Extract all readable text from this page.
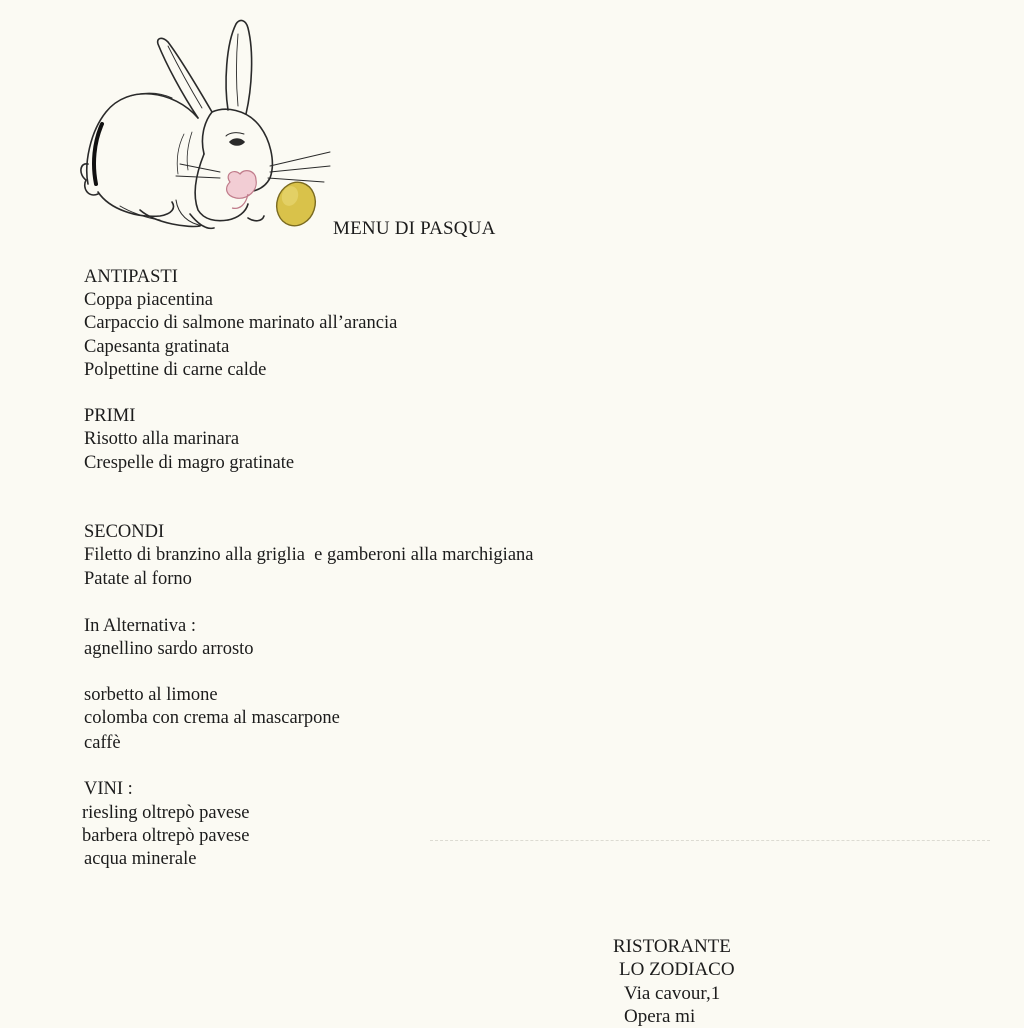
MENU DI PASQUA
ANTIPASTI
Coppa piacentina
Carpaccio di salmone marinato all’arancia
Capesanta gratinata
Polpettine di carne calde
PRIMI
Risotto alla marinara
Crespelle di magro gratinate
SECONDI
Filetto di branzino alla griglia  e gamberoni alla marchigiana
Patate al forno
In Alternativa :
agnellino sardo arrosto
sorbetto al limone
colomba con crema al mascarpone
caffè
VINI :
riesling oltrepò pavese
barbera oltrepò pavese
acqua minerale
RISTORANTE
LO ZODIACO
Via cavour,1
Opera mi
